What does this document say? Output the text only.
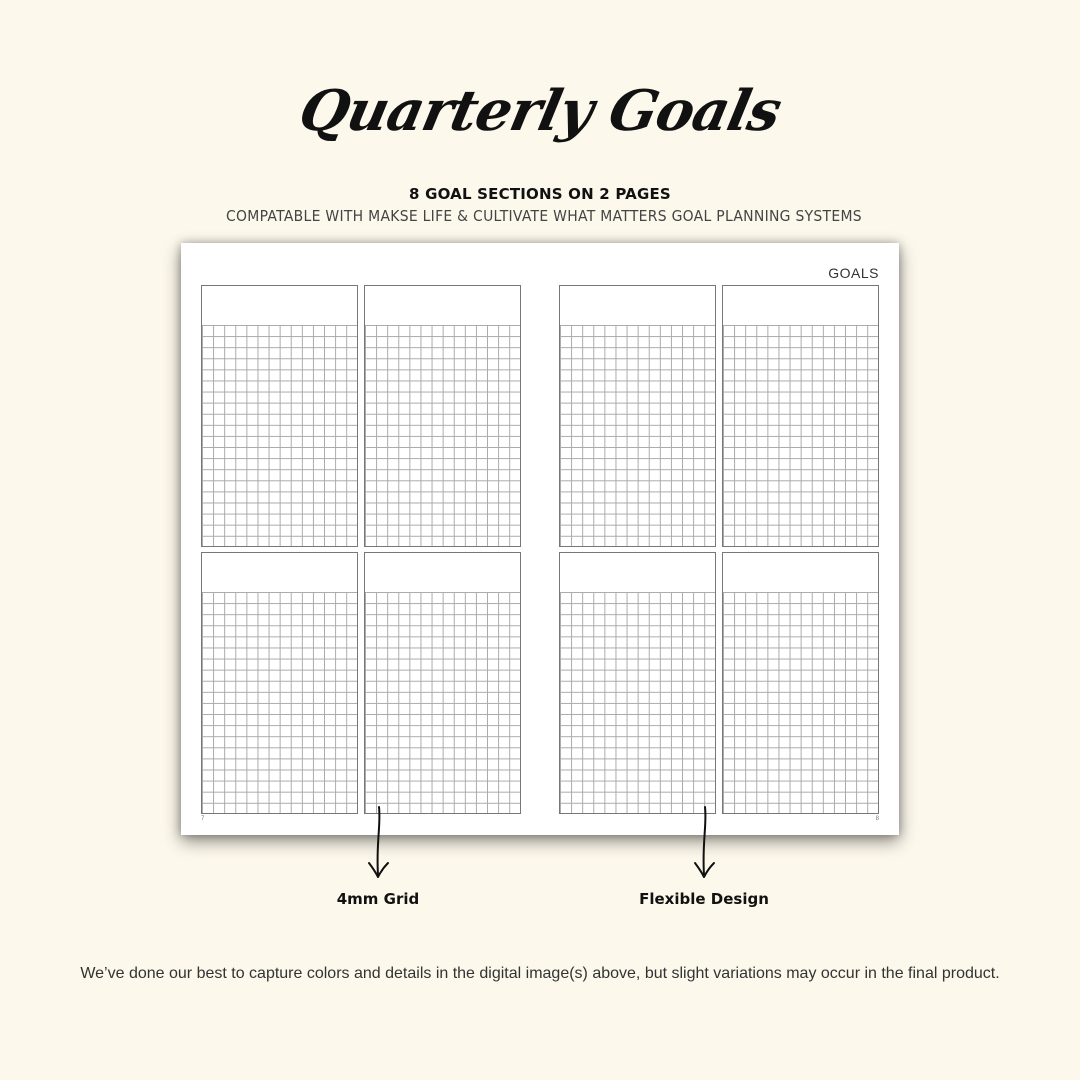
Quarterly Goals
8 GOAL SECTIONS ON 2 PAGES
COMPATABLE WITH MAKSE LIFE & CULTIVATE WHAT MATTERS GOAL PLANNING SYSTEMS
GOALS
7	8
4mm Grid	Flexible Design
We’ve done our best to capture colors and details in the digital image(s) above, but slight variations may occur in the final product.
